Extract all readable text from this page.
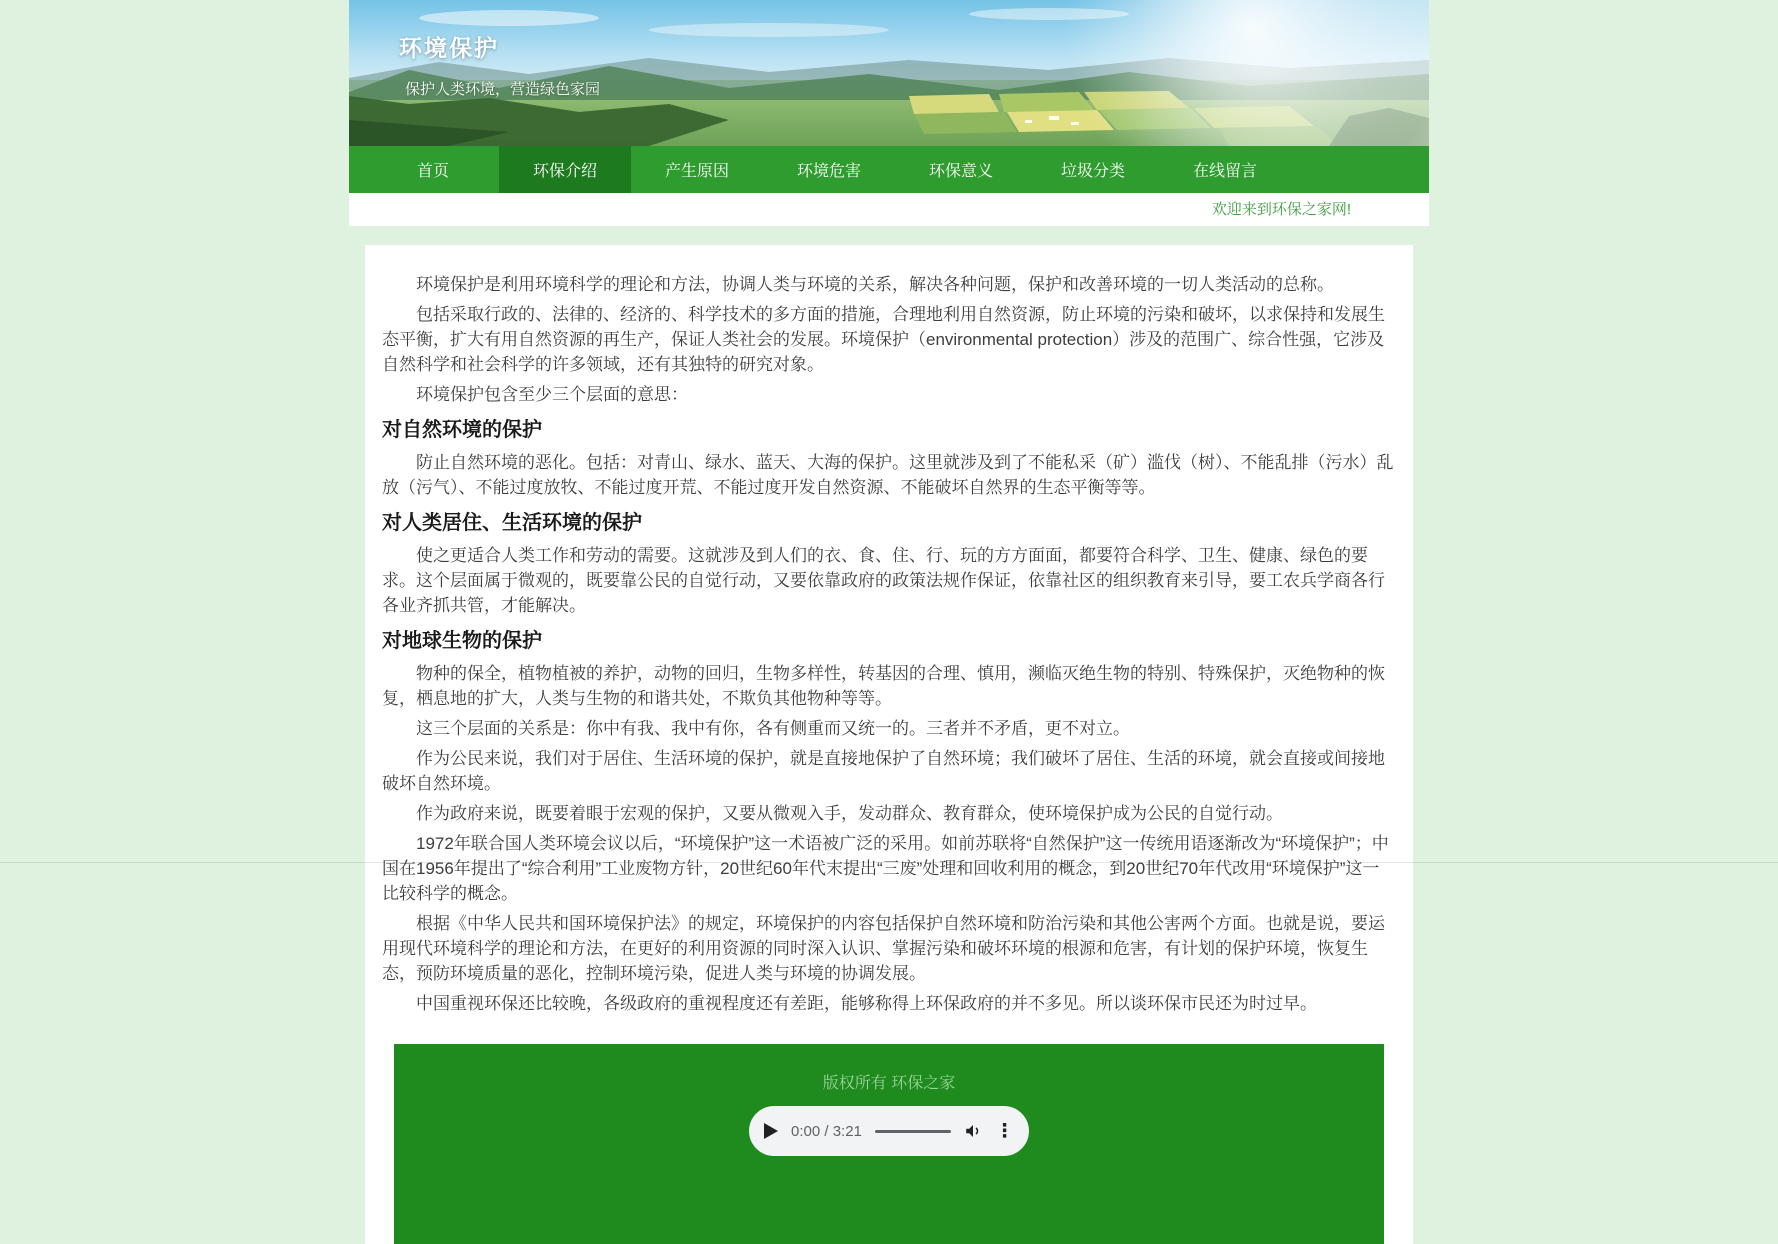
环境保护
保护人类环境，营造绿色家园
首页	环保介绍	产生原因	环境危害	环保意义	垃圾分类	在线留言
欢迎来到环保之家网!

环境保护是利用环境科学的理论和方法，协调人类与环境的关系，解决各种问题，保护和改善环境的一切人类活动的总称。

包括采取行政的、法律的、经济的、科学技术的多方面的措施，合理地利用自然资源，防止环境的污染和破坏，以求保持和发展生态平衡，扩大有用自然资源的再生产，保证人类社会的发展。环境保护（environmental protection）涉及的范围广、综合性强，它涉及自然科学和社会科学的许多领域，还有其独特的研究对象。

环境保护包含至少三个层面的意思：

对自然环境的保护

防止自然环境的恶化。包括：对青山、绿水、蓝天、大海的保护。这里就涉及到了不能私采（矿）滥伐（树）、不能乱排（污水）乱放（污气）、不能过度放牧、不能过度开荒、不能过度开发自然资源、不能破坏自然界的生态平衡等等。

对人类居住、生活环境的保护

使之更适合人类工作和劳动的需要。这就涉及到人们的衣、食、住、行、玩的方方面面，都要符合科学、卫生、健康、绿色的要求。这个层面属于微观的，既要靠公民的自觉行动，又要依靠政府的政策法规作保证，依靠社区的组织教育来引导，要工农兵学商各行各业齐抓共管，才能解决。

对地球生物的保护

物种的保全，植物植被的养护，动物的回归，生物多样性，转基因的合理、慎用，濒临灭绝生物的特别、特殊保护，灭绝物种的恢复，栖息地的扩大，人类与生物的和谐共处，不欺负其他物种等等。

这三个层面的关系是：你中有我、我中有你，各有侧重而又统一的。三者并不矛盾，更不对立。

作为公民来说，我们对于居住、生活环境的保护，就是直接地保护了自然环境；我们破坏了居住、生活的环境，就会直接或间接地破坏自然环境。

作为政府来说，既要着眼于宏观的保护，又要从微观入手，发动群众、教育群众，使环境保护成为公民的自觉行动。

1972年联合国人类环境会议以后，“环境保护”这一术语被广泛的采用。如前苏联将“自然保护”这一传统用语逐渐改为“环境保护”；中国在1956年提出了“综合利用”工业废物方针，20世纪60年代末提出“三废”处理和回收利用的概念，到20世纪70年代改用“环境保护”这一比较科学的概念。

根据《中华人民共和国环境保护法》的规定，环境保护的内容包括保护自然环境和防治污染和其他公害两个方面。也就是说，要运用现代环境科学的理论和方法，在更好的利用资源的同时深入认识、掌握污染和破坏环境的根源和危害，有计划的保护环境，恢复生态，预防环境质量的恶化，控制环境污染，促进人类与环境的协调发展。

中国重视环保还比较晚，各级政府的重视程度还有差距，能够称得上环保政府的并不多见。所以谈环保市民还为时过早。

版权所有 环保之家
0:00 / 3:21	⋮
